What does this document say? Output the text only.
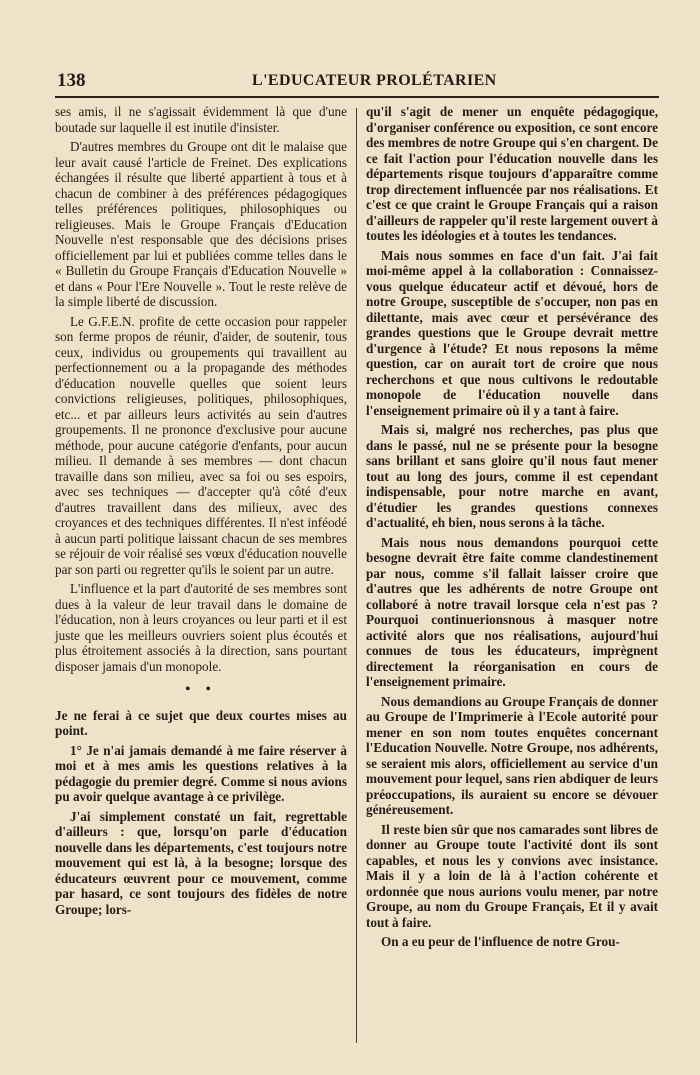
138	L'EDUCATEUR PROLÉTARIEN

ses amis, il ne s'agissait évidemment là que d'une boutade sur laquelle il est inutile d'insister.

D'autres membres du Groupe ont dit le malaise que leur avait causé l'article de Freinet. Des explications échangées il résulte que liberté appartient à tous et à chacun de combiner à des préférences pédagogiques telles préférences politiques, philosophiques ou religieuses. Mais le Groupe Français d'Education Nouvelle n'est responsable que des décisions prises officiellement par lui et publiées comme telles dans le « Bulletin du Groupe Français d'Education Nouvelle » et dans « Pour l'Ere Nouvelle ». Tout le reste relève de la simple liberté de discussion.

Le G.F.E.N. profite de cette occasion pour rappeler son ferme propos de réunir, d'aider, de soutenir, tous ceux, individus ou groupements qui travaillent au perfectionnement ou a la propagande des méthodes d'éducation nouvelle quelles que soient leurs convictions religieuses, politiques, philosophiques, etc... et par ailleurs leurs activités au sein d'autres groupements. Il ne prononce d'exclusive pour aucune méthode, pour aucune catégorie d'enfants, pour aucun milieu. Il demande à ses membres — dont chacun travaille dans son milieu, avec sa foi ou ses espoirs, avec ses techniques — d'accepter qu'à côté d'eux d'autres travaillent dans des milieux, avec des croyances et des techniques différentes. Il n'est inféodé à aucun parti politique laissant chacun de ses membres se réjouir de voir réalisé ses vœux d'éducation nouvelle par son parti ou regretter qu'ils le soient par un autre.

L'influence et la part d'autorité de ses membres sont dues à la valeur de leur travail dans le domaine de l'éducation, non à leurs croyances ou leur parti et il est juste que les meilleurs ouvriers soient plus écoutés et plus étroitement associés à la direction, sans pourtant disposer jamais d'un monopole.

• •

Je ne ferai à ce sujet que deux courtes mises au point.

1° Je n'ai jamais demandé à me faire réserver à moi et à mes amis les questions relatives à la pédagogie du premier degré. Comme si nous avions pu avoir quelque avantage à ce privilège.

J'ai simplement constaté un fait, regrettable d'ailleurs : que, lorsqu'on parle d'éducation nouvelle dans les départements, c'est toujours notre mouvement qui est là, à la besogne; lorsque des éducateurs œuvrent pour ce mouvement, comme par hasard, ce sont toujours des fidèles de notre Groupe; lors-

qu'il s'agit de mener un enquête pédagogique, d'organiser conférence ou exposition, ce sont encore des membres de notre Groupe qui s'en chargent. De ce fait l'action pour l'éducation nouvelle dans les départements risque toujours d'apparaître comme trop directement influencée par nos réalisations. Et c'est ce que craint le Groupe Français qui a raison d'ailleurs de rappeler qu'il reste largement ouvert à toutes les idéologies et à toutes les tendances.

Mais nous sommes en face d'un fait. J'ai fait moi-même appel à la collaboration : Connaissez-vous quelque éducateur actif et dévoué, hors de notre Groupe, susceptible de s'occuper, non pas en dilettante, mais avec cœur et persévérance des grandes questions que le Groupe devrait mettre d'urgence à l'étude? Et nous reposons la même question, car on aurait tort de croire que nous recherchons et que nous cultivons le redoutable monopole de l'éducation nouvelle dans l'enseignement primaire où il y a tant à faire.

Mais si, malgré nos recherches, pas plus que dans le passé, nul ne se présente pour la besogne sans brillant et sans gloire qu'il nous faut mener tout au long des jours, comme il est cependant indispensable, pour notre marche en avant, d'étudier les grandes questions connexes d'actualité, eh bien, nous serons à la tâche.

Mais nous nous demandons pourquoi cette besogne devrait être faite comme clandestinement par nous, comme s'il fallait laisser croire que d'autres que les adhérents de notre Groupe ont collaboré à notre travail lorsque cela n'est pas ? Pourquoi continuerionsnous à masquer notre activité alors que nos réalisations, aujourd'hui connues de tous les éducateurs, imprègnent directement la réorganisation en cours de l'enseignement primaire.

Nous demandions au Groupe Français de donner au Groupe de l'Imprimerie à l'Ecole autorité pour mener en son nom toutes enquêtes concernant l'Education Nouvelle. Notre Groupe, nos adhérents, se seraient mis alors, officiellement au service d'un mouvement pour lequel, sans rien abdiquer de leurs préoccupations, ils auraient su encore se dévouer généreusement.

Il reste bien sûr que nos camarades sont libres de donner au Groupe toute l'activité dont ils sont capables, et nous les y convions avec insistance. Mais il y a loin de là à l'action cohérente et ordonnée que nous aurions voulu mener, par notre Groupe, au nom du Groupe Français, Et il y avait tout à faire.

On a eu peur de l'influence de notre Grou-
